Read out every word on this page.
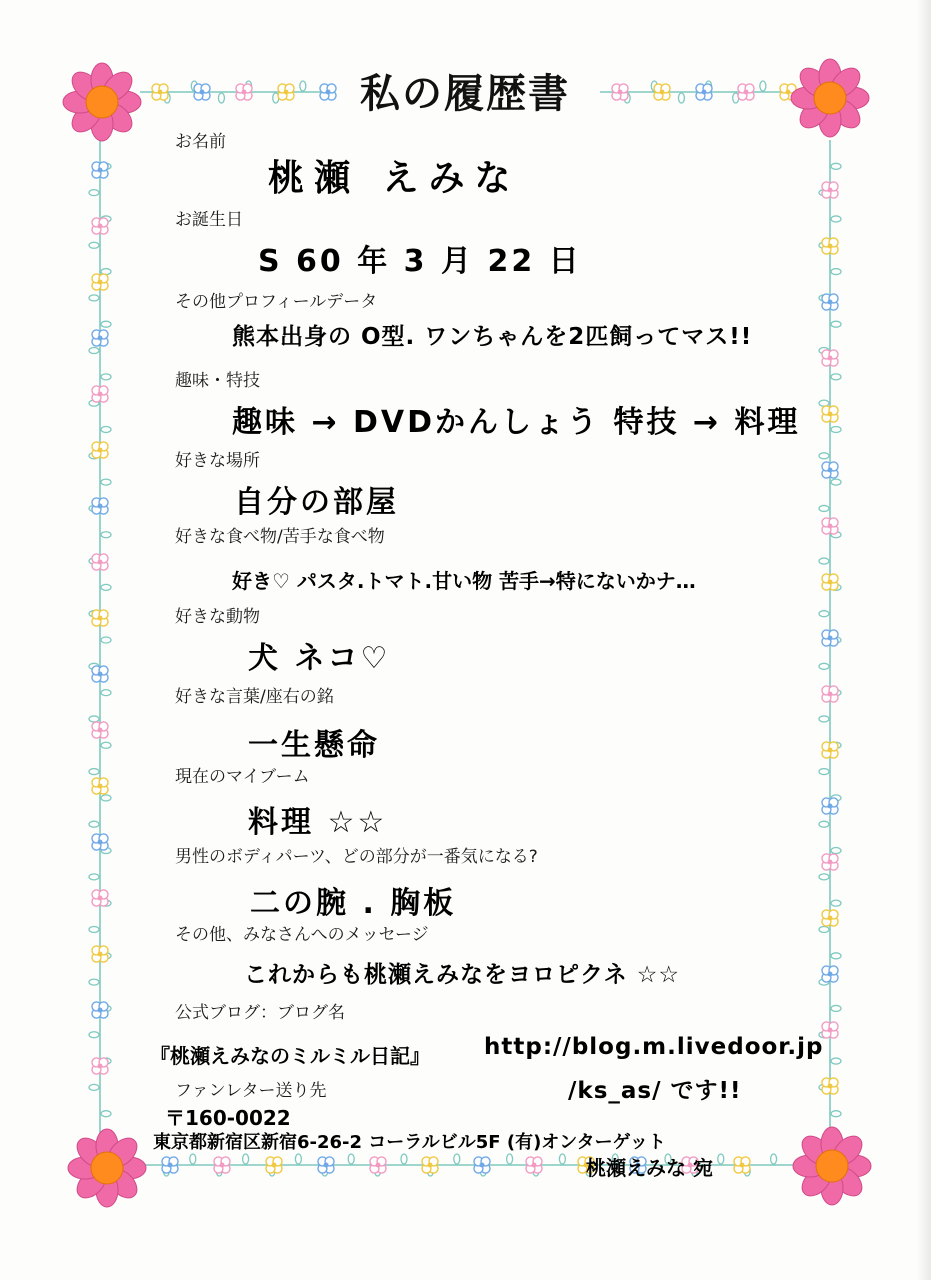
私の履歴書
お名前
桃瀬 えみな
お誕生日
S 60 年 3 月 22 日
その他プロフィールデータ
熊本出身の O型. ワンちゃんを2匹飼ってマス!!
趣味・特技
趣味 → DVDかんしょう 特技 → 料理
好きな場所
自分の部屋
好きな食べ物/苦手な食べ物
好き♡ パスタ.トマト.甘い物 苦手→特にないかナ…
好きな動物
犬 ネコ♡
好きな言葉/座右の銘
一生懸命
現在のマイブーム
料理 ☆☆
男性のボディパーツ、どの部分が一番気になる?
二の腕 . 胸板
その他、みなさんへのメッセージ
これからも桃瀬えみなをヨロピクネ ☆☆
公式ブログ：ブログ名
『桃瀬えみなのミルミル日記』 http://blog.m.livedoor.jp
/ks_as/ です!!
ファンレター送り先
〒160-0022
東京都新宿区新宿6-26-2 コーラルビル5F (有)オンターゲット
桃瀬えみな 宛
